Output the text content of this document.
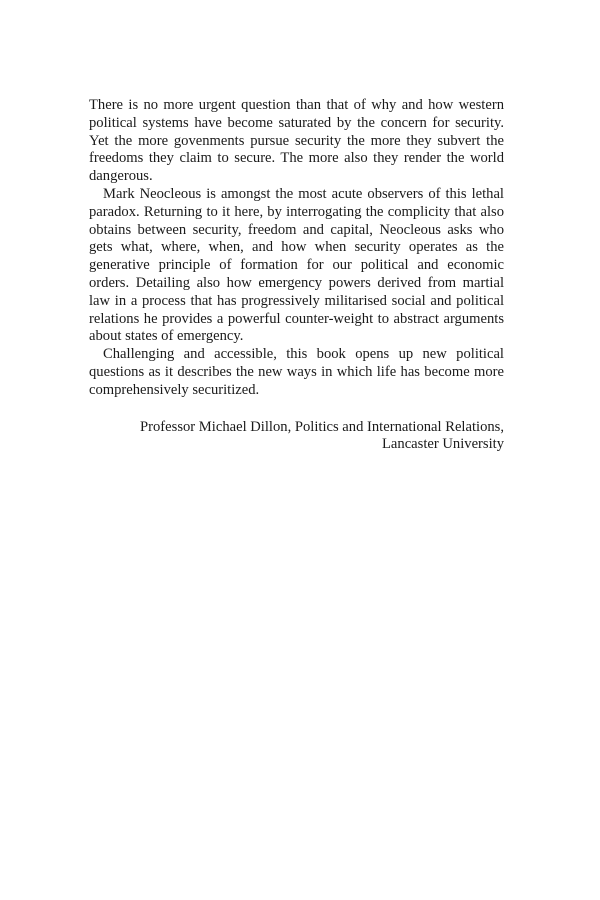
There is no more urgent question than that of why and how western political systems have become saturated by the concern for security. Yet the more govenments pursue security the more they subvert the freedoms they claim to secure. The more also they render the world dangerous.

Mark Neocleous is amongst the most acute observers of this lethal paradox. Returning to it here, by interrogating the complicity that also obtains between security, freedom and capital, Neocleous asks who gets what, where, when, and how when security operates as the generative principle of formation for our political and economic orders. Detailing also how emergency powers derived from martial law in a process that has progressively militarised social and political relations he provides a powerful counter-weight to abstract arguments about states of emergency.

Challenging and accessible, this book opens up new political questions as it describes the new ways in which life has become more comprehensively securitized.

Professor Michael Dillon, Politics and International Relations,
Lancaster University
